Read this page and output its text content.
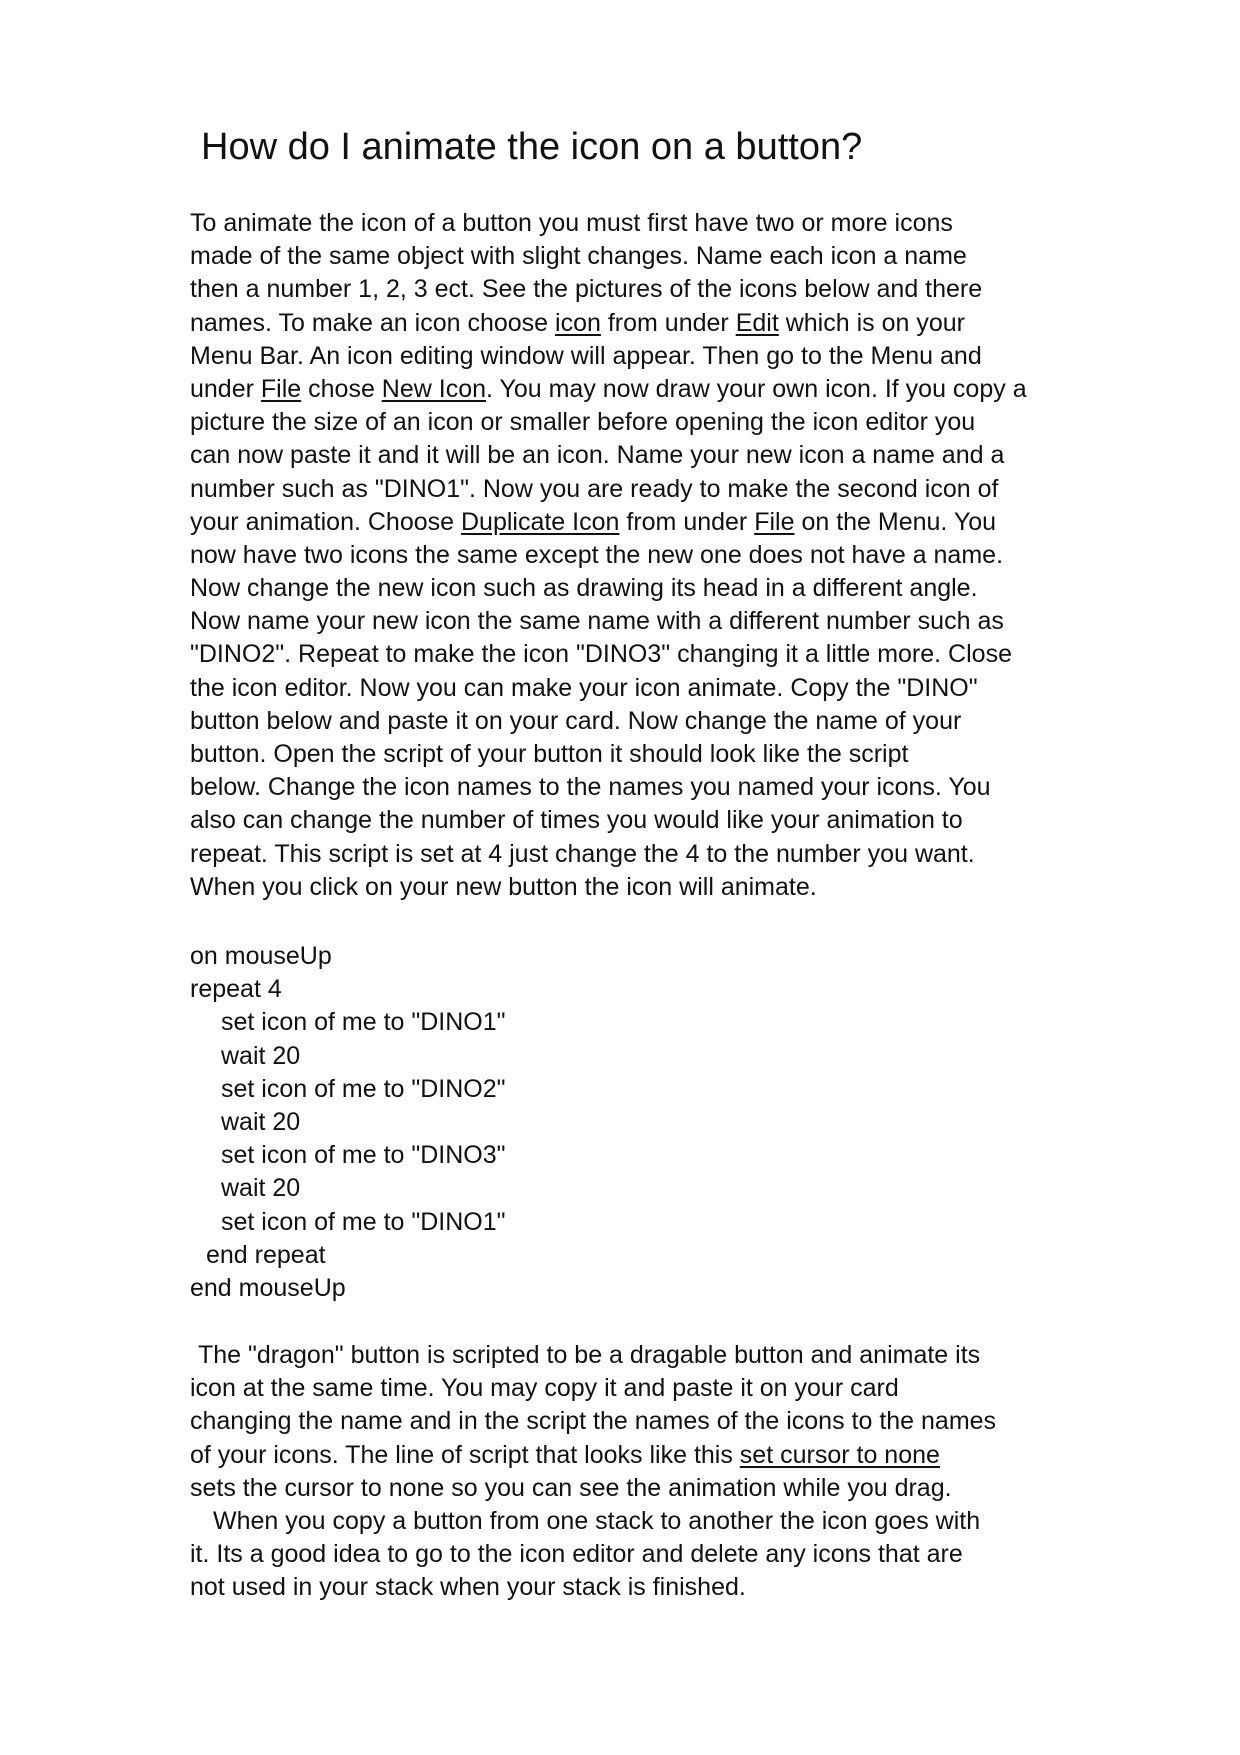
How do I animate the icon on a button?
To animate the icon of a button you must first have two or more icons
made of the same object with slight changes. Name each icon a name
then a number 1, 2, 3 ect. See the pictures of the icons below and there
names. To make an icon choose icon from under Edit which is on your
Menu Bar. An icon editing window will appear. Then go to the Menu and
under File chose New Icon. You may now draw your own icon. If you copy a
picture the size of an icon or smaller before opening the icon editor you
can now paste it and it will be an icon. Name your new icon a name and a
number such as "DINO1". Now you are ready to make the second icon of
your animation. Choose Duplicate Icon from under File on the Menu. You
now have two icons the same except the new one does not have a name.
Now change the new icon such as drawing its head in a different angle.
Now name your new icon the same name with a different number such as
"DINO2". Repeat to make the icon "DINO3" changing it a little more. Close
the icon editor. Now you can make your icon animate. Copy the "DINO"
button below and paste it on your card. Now change the name of your
button. Open the script of your button it should look like the script
below. Change the icon names to the names you named your icons. You
also can change the number of times you would like your animation to
repeat. This script is set at 4 just change the 4 to the number you want.
When you click on your new button the icon will animate.
on mouseUp
repeat 4
set icon of me to "DINO1"
wait 20
set icon of me to "DINO2"
wait 20
set icon of me to "DINO3"
wait 20
set icon of me to "DINO1"
end repeat
end mouseUp
The "dragon" button is scripted to be a dragable button and animate its
icon at the same time. You may copy it and paste it on your card
changing the name and in the script the names of the icons to the names
of your icons. The line of script that looks like this set cursor to none
sets the cursor to none so you can see the animation while you drag.
When you copy a button from one stack to another the icon goes with
it. Its a good idea to go to the icon editor and delete any icons that are
not used in your stack when your stack is finished.
